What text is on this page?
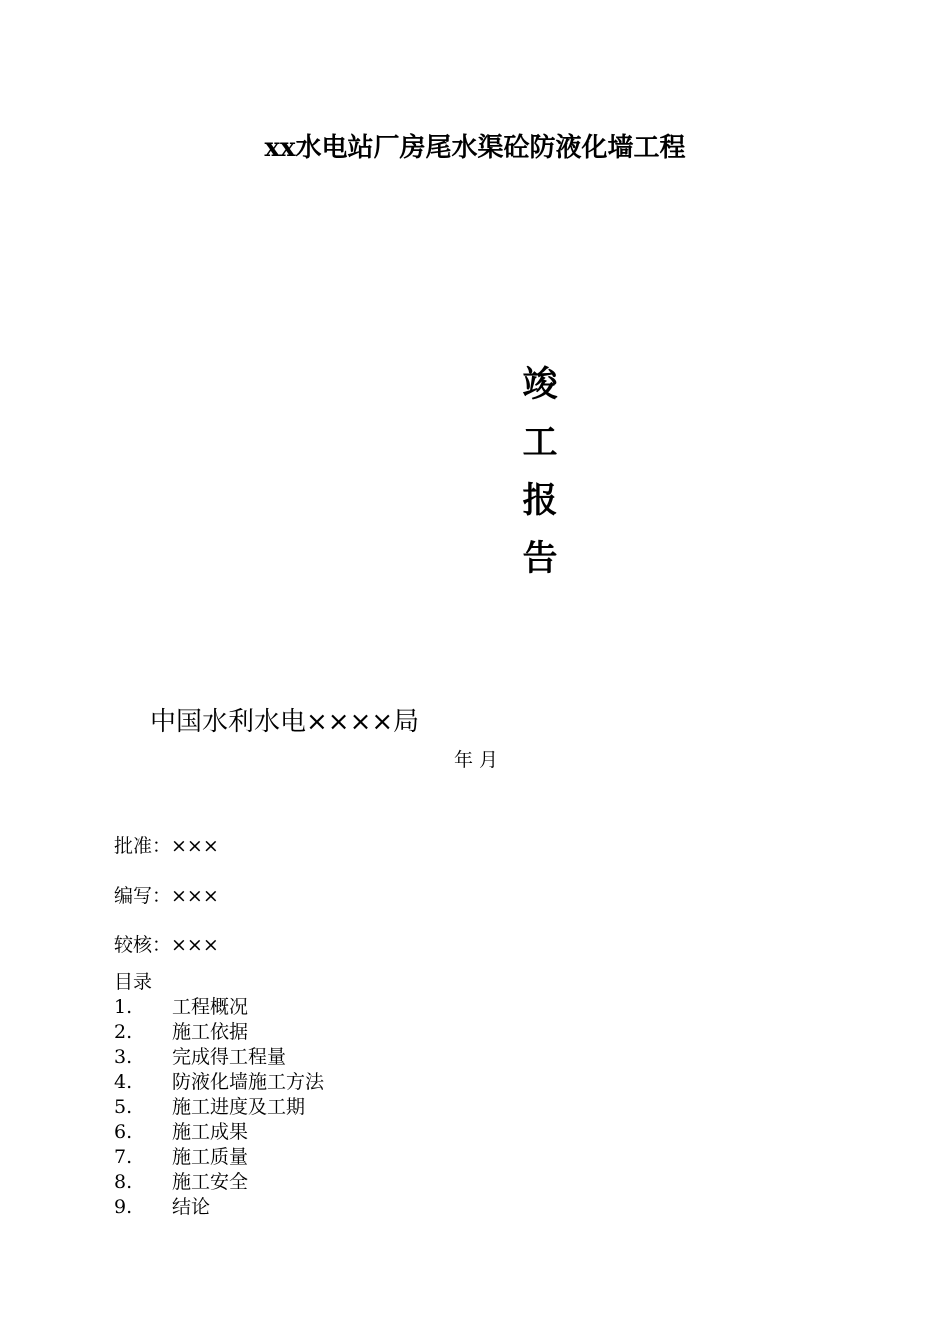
xx水电站厂房尾水渠砼防液化墙工程
竣
工
报
告
中国水利水电××××局
年 月
批准：×××
编写：×××
较核：×××
目录
1.	工程概况
2.	施工依据
3.	完成得工程量
4.	防液化墙施工方法
5.	施工进度及工期
6.	施工成果
7.	施工质量
8.	施工安全
9.	结论
